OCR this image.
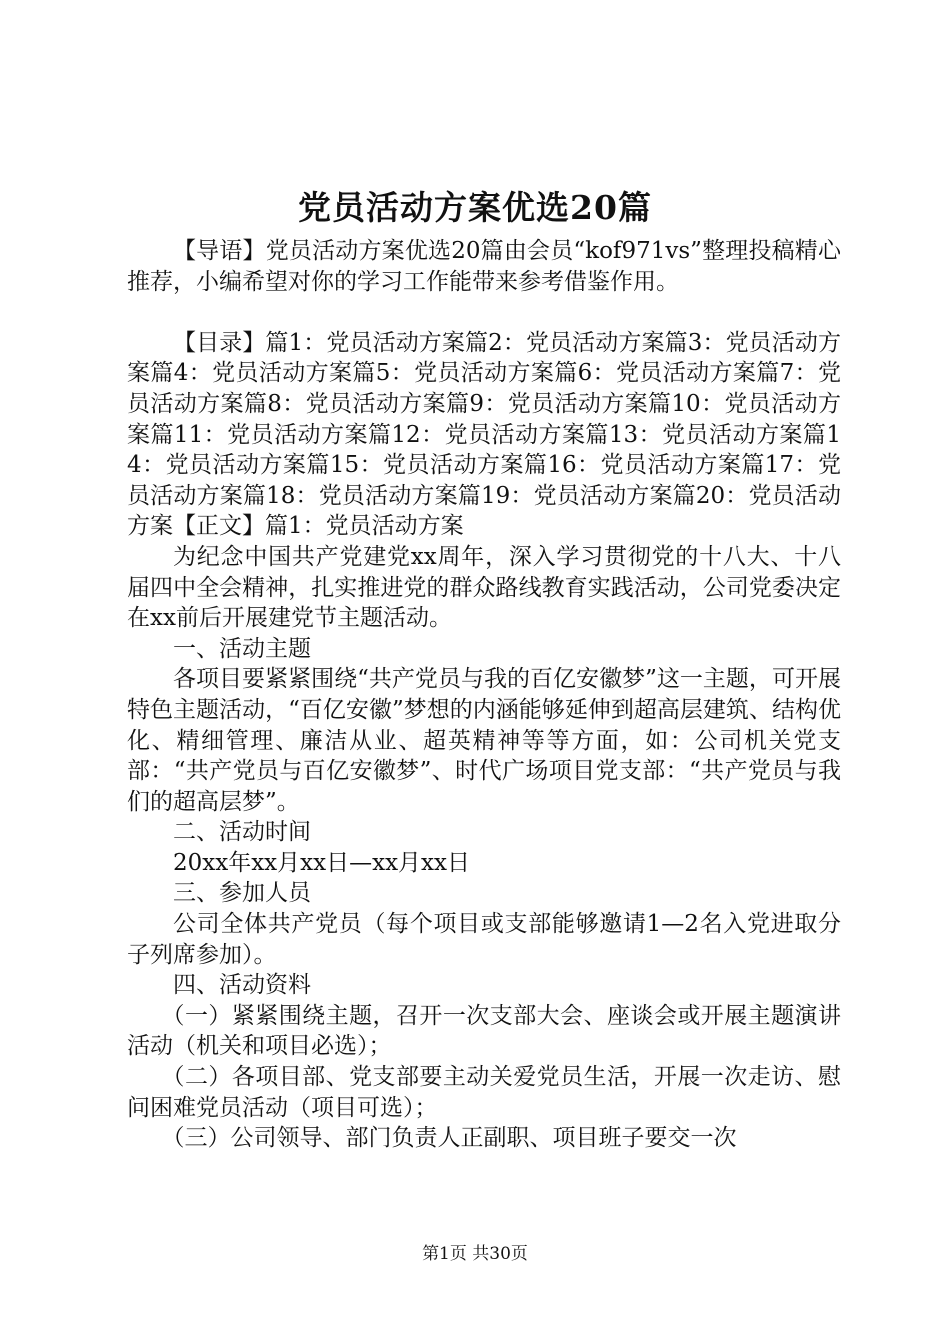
党员活动方案优选20篇

【导语】党员活动方案优选20篇由会员“kof971vs”整理投稿精心推荐，小编希望对你的学习工作能带来参考借鉴作用。

【目录】篇1：党员活动方案篇2：党员活动方案篇3：党员活动方案篇4：党员活动方案篇5：党员活动方案篇6：党员活动方案篇7：党员活动方案篇8：党员活动方案篇9：党员活动方案篇10：党员活动方案篇11：党员活动方案篇12：党员活动方案篇13：党员活动方案篇14：党员活动方案篇15：党员活动方案篇16：党员活动方案篇17：党员活动方案篇18：党员活动方案篇19：党员活动方案篇20：党员活动方案【正文】篇1：党员活动方案

为纪念中国共产党建党xx周年，深入学习贯彻党的十八大、十八届四中全会精神，扎实推进党的群众路线教育实践活动，公司党委决定在xx前后开展建党节主题活动。

一、活动主题

各项目要紧紧围绕“共产党员与我的百亿安徽梦”这一主题，可开展特色主题活动，“百亿安徽”梦想的内涵能够延伸到超高层建筑、结构优化、精细管理、廉洁从业、超英精神等等方面，如：公司机关党支部：“共产党员与百亿安徽梦”、时代广场项目党支部：“共产党员与我们的超高层梦”。

二、活动时间

20xx年xx月xx日—xx月xx日

三、参加人员

公司全体共产党员（每个项目或支部能够邀请1—2名入党进取分子列席参加）。

四、活动资料

（一）紧紧围绕主题，召开一次支部大会、座谈会或开展主题演讲活动（机关和项目必选）；

（二）各项目部、党支部要主动关爱党员生活，开展一次走访、慰问困难党员活动（项目可选）；

（三）公司领导、部门负责人正副职、项目班子要交一次

第1页 共30页
